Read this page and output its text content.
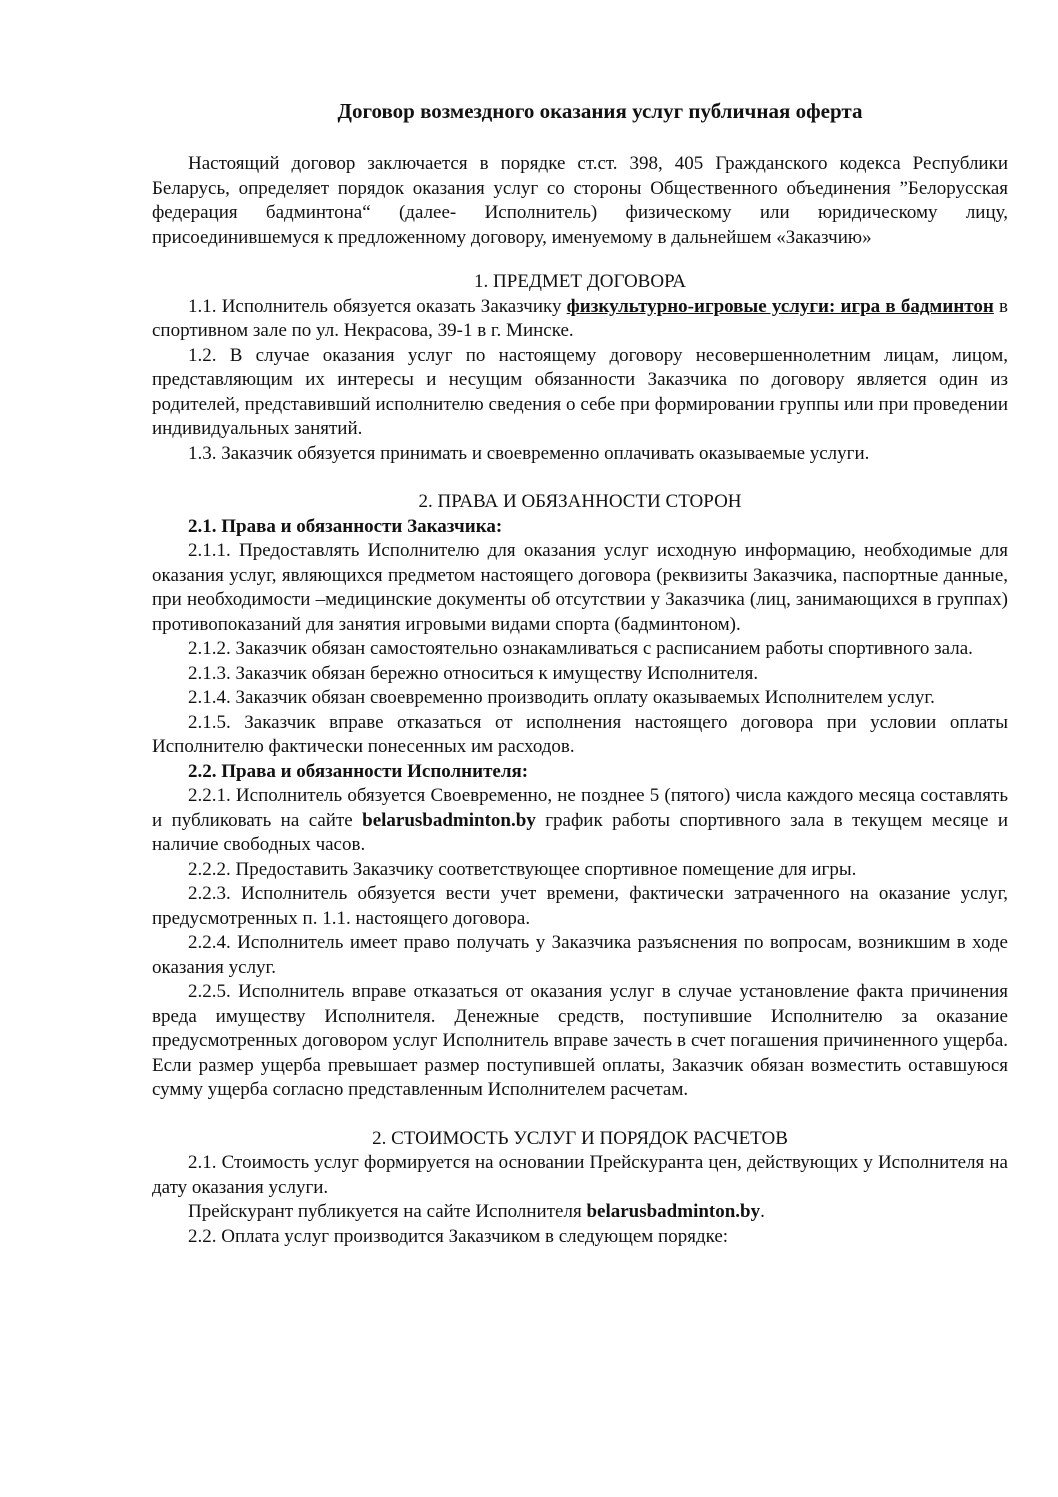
Договор возмездного оказания услуг публичная оферта

Настоящий договор заключается в порядке ст.ст. 398, 405 Гражданского кодекса Республики Беларусь, определяет порядок оказания услуг со стороны Общественного объединения ”Белорусская федерация бадминтона“ (далее- Исполнитель) физическому или юридическому лицу, присоединившемуся к предложенному договору, именуемому в дальнейшем «Заказчию»

1. ПРЕДМЕТ ДОГОВОРА

1.1. Исполнитель обязуется оказать Заказчику физкультурно-игровые услуги: игра в бадминтон в спортивном зале по ул. Некрасова, 39-1 в г. Минске.

1.2. В случае оказания услуг по настоящему договору несовершеннолетним лицам, лицом, представляющим их интересы и несущим обязанности Заказчика по договору является один из родителей, представивший исполнителю сведения о себе при формировании группы или при проведении индивидуальных занятий.

1.3. Заказчик обязуется принимать и своевременно оплачивать оказываемые услуги.

2. ПРАВА И ОБЯЗАННОСТИ СТОРОН

2.1. Права и обязанности Заказчика:

2.1.1. Предоставлять Исполнителю для оказания услуг исходную информацию, необходимые для оказания услуг, являющихся предметом настоящего договора (реквизиты Заказчика, паспортные данные, при необходимости –медицинские документы об отсутствии у Заказчика (лиц, занимающихся в группах) противопоказаний для занятия игровыми видами спорта (бадминтоном).

2.1.2. Заказчик обязан самостоятельно ознакамливаться с расписанием работы спортивного зала.

2.1.3. Заказчик обязан бережно относиться к имуществу Исполнителя.

2.1.4. Заказчик обязан своевременно производить оплату оказываемых Исполнителем услуг.

2.1.5. Заказчик вправе отказаться от исполнения настоящего договора при условии оплаты Исполнителю фактически понесенных им расходов.

2.2. Права и обязанности Исполнителя:

2.2.1. Исполнитель обязуется Своевременно, не позднее 5 (пятого) числа каждого месяца составлять и публиковать на сайте belarusbadminton.by график работы спортивного зала в текущем месяце и наличие свободных часов.

2.2.2. Предоставить Заказчику соответствующее спортивное помещение для игры.

2.2.3. Исполнитель обязуется вести учет времени, фактически затраченного на оказание услуг, предусмотренных п. 1.1. настоящего договора.

2.2.4. Исполнитель имеет право получать у Заказчика разъяснения по вопросам, возникшим в ходе оказания услуг.

2.2.5. Исполнитель вправе отказаться от оказания услуг в случае установление факта причинения вреда имуществу Исполнителя. Денежные средств, поступившие Исполнителю за оказание предусмотренных договором услуг Исполнитель вправе зачесть в счет погашения причиненного ущерба. Если размер ущерба превышает размер поступившей оплаты, Заказчик обязан возместить оставшуюся сумму ущерба согласно представленным Исполнителем расчетам.

2. СТОИМОСТЬ УСЛУГ И ПОРЯДОК РАСЧЕТОВ

2.1. Стоимость услуг формируется на основании Прейскуранта цен, действующих у Исполнителя на дату оказания услуги.

Прейскурант публикуется на сайте Исполнителя belarusbadminton.by.

2.2. Оплата услуг производится Заказчиком в следующем порядке:
